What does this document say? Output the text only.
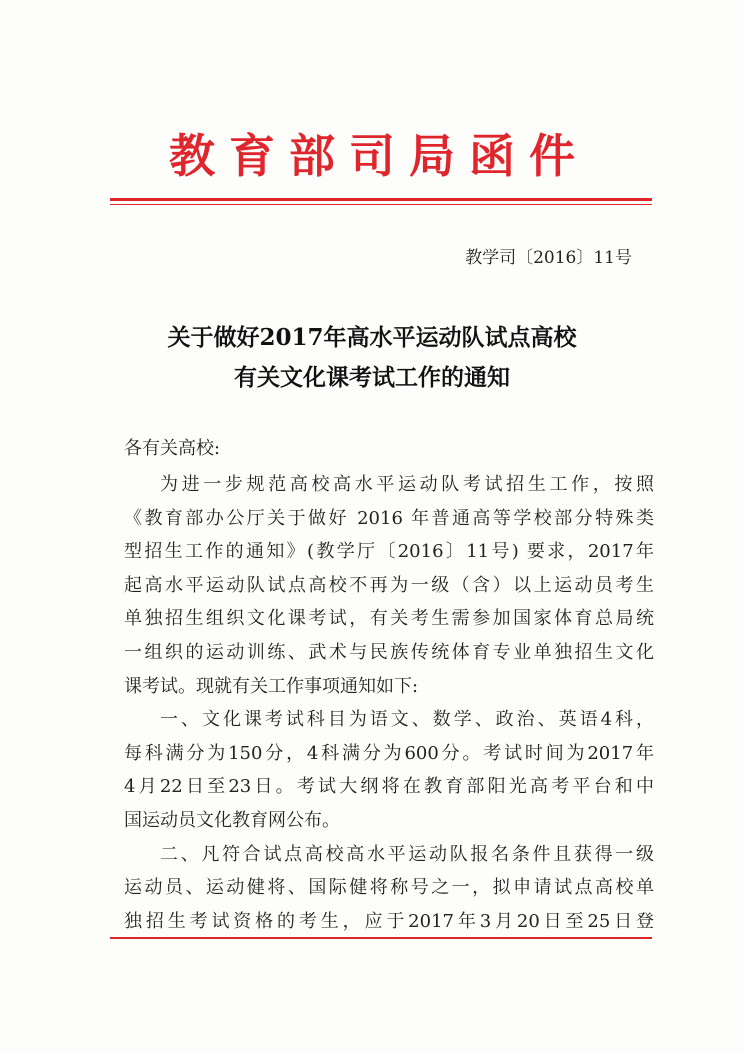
教育部司局函件
教学司〔2016〕11号
关于做好2017年高水平运动队试点高校
有关文化课考试工作的通知
各有关高校:
为进一步规范高校高水平运动队考试招生工作，按照
《教育部办公厅关于做好 2016 年普通高等学校部分特殊类
型招生工作的通知》(教学厅〔2016〕11号) 要求，2017年
起高水平运动队试点高校不再为一级（含）以上运动员考生
单独招生组织文化课考试，有关考生需参加国家体育总局统
一组织的运动训练、武术与民族传统体育专业单独招生文化
课考试。现就有关工作事项通知如下:
一、文化课考试科目为语文、数学、政治、英语4科，
每科满分为150分，4科满分为600分。考试时间为2017年
4月22日至23日。考试大纲将在教育部阳光高考平台和中
国运动员文化教育网公布。
二、凡符合试点高校高水平运动队报名条件且获得一级
运动员、运动健将、国际健将称号之一，拟申请试点高校单
独招生考试资格的考生，应于2017年3月20日至25日登
